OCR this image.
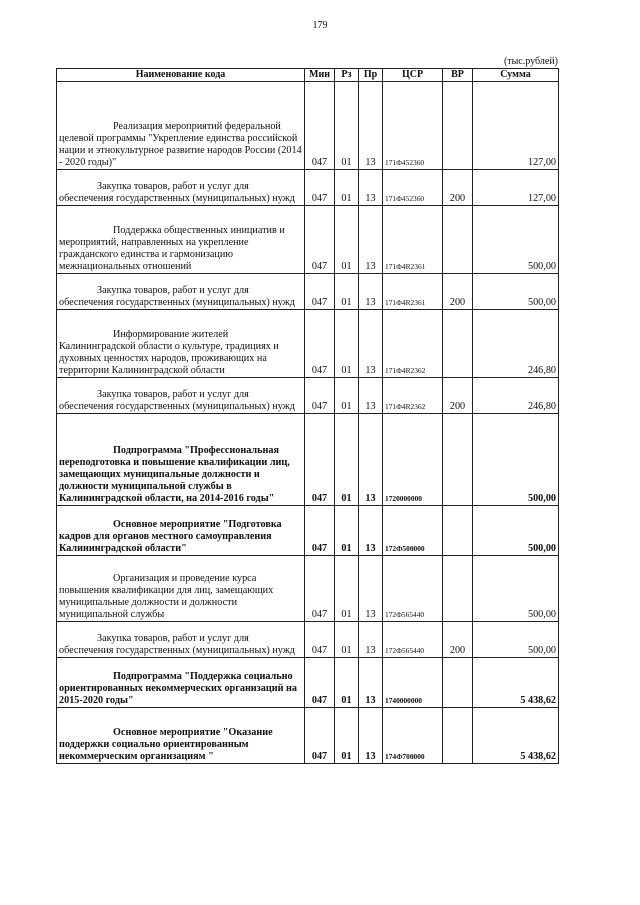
179
(тыс.рублей)
Наименование кода	Мин	Рз	Пр	ЦСР	ВР	Сумма
Реализация мероприятий федеральной целевой программы "Укрепление единства российской нации и этнокультурное развитие народов России (2014 - 2020 годы)"	047	01	13	171Ф452360		127,00
Закупка товаров, работ и услуг для обеспечения государственных (муниципальных) нужд	047	01	13	171Ф452360	200	127,00
Поддержка общественных инициатив и мероприятий, направленных на укрепление гражданского единства и гармонизацию межнациональных отношений	047	01	13	171Ф4R2361		500,00
Закупка товаров, работ и услуг для обеспечения государственных (муниципальных) нужд	047	01	13	171Ф4R2361	200	500,00
Информирование жителей Калининградской области о культуре, традициях и духовных ценностях народов, проживающих на территории Калининградской области	047	01	13	171Ф4R2362		246,80
Закупка товаров, работ и услуг для обеспечения государственных (муниципальных) нужд	047	01	13	171Ф4R2362	200	246,80
Подпрограмма "Профессиональная переподготовка и повышение квалификации лиц, замещающих муниципальные должности и должности муниципальной службы в Калининградской области, на 2014-2016 годы"	047	01	13	1720000000		500,00
Основное мероприятие "Подготовка кадров для органов местного самоуправления Калининградской области"	047	01	13	172Ф500000		500,00
Организация и проведение курса повышения квалификации для лиц, замещающих муниципальные должности и должности муниципальной службы	047	01	13	172Ф565440		500,00
Закупка товаров, работ и услуг для обеспечения государственных (муниципальных) нужд	047	01	13	172Ф565440	200	500,00
Подпрограмма "Поддержка социально ориентированных некоммерческих организаций на 2015-2020 годы"	047	01	13	1740000000		5 438,62
Основное мероприятие "Оказание поддержки социально ориентированным некоммерческим организациям "	047	01	13	174Ф700000		5 438,62
